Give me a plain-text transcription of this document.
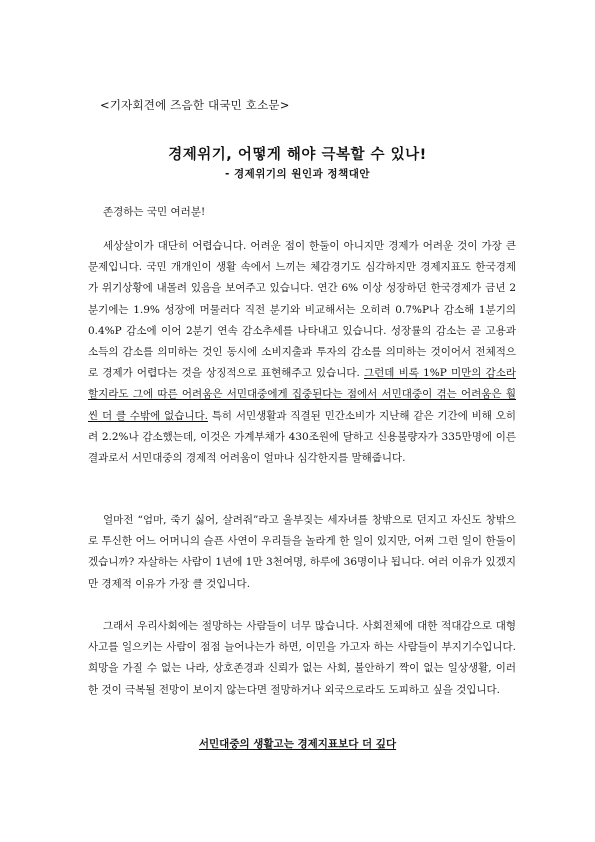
<기자회견에 즈음한 대국민 호소문>
경제위기, 어떻게 해야 극복할 수 있나!
- 경제위기의 원인과 정책대안
존경하는 국민 여러분!

세상살이가 대단히 어렵습니다. 어려운 점이 한둘이 아니지만 경제가 어려운 것이 가장 큰 문제입니다. 국민 개개인이 생활 속에서 느끼는 체감경기도 심각하지만 경제지표도 한국경제가 위기상황에 내몰려 있음을 보여주고 있습니다. 연간 6% 이상 성장하던 한국경제가 금년 2분기에는 1.9% 성장에 머물러다 직전 분기와 비교해서는 오히려 0.7%P나 감소해 1분기의 0.4%P 감소에 이어 2분기 연속 감소추세를 나타내고 있습니다. 성장률의 감소는 곧 고용과 소득의 감소를 의미하는 것인 동시에 소비지출과 투자의 감소를 의미하는 것이어서 전체적으로 경제가 어렵다는 것을 상징적으로 표현해주고 있습니다. 그런데 비록 1%P 미만의 감소라 할지라도 그에 따른 어려움은 서민대중에게 집중된다는 점에서 서민대중이 겪는 어려움은 훨씬 더 클 수밖에 없습니다. 특히 서민생활과 직결된 민간소비가 지난해 같은 기간에 비해 오히려 2.2%나 감소했는데, 이것은 가계부채가 430조원에 달하고 신용불량자가 335만명에 이른 결과로서 서민대중의 경제적 어려움이 얼마나 심각한지를 말해줍니다.

얼마전 “엄마, 죽기 싫어, 살려줘”라고 울부짖는 세자녀를 창밖으로 던지고 자신도 창밖으로 투신한 어느 어머니의 슬픈 사연이 우리들을 놀라게 한 일이 있지만, 어쩌 그런 일이 한둘이겠습니까? 자살하는 사람이 1년에 1만 3천여명, 하루에 36명이나 됩니다. 여러 이유가 있겠지만 경제적 이유가 가장 클 것입니다.

그래서 우리사회에는 절망하는 사람들이 너무 많습니다. 사회전체에 대한 적대감으로 대형사고를 일으키는 사람이 점점 늘어나는가 하면, 이민을 가고자 하는 사람들이 부지기수입니다. 희망을 가질 수 없는 나라, 상호존경과 신뢰가 없는 사회, 불안하기 짝이 없는 일상생활, 이러한 것이 극복될 전망이 보이지 않는다면 절망하거나 외국으로라도 도피하고 싶을 것입니다.

서민대중의 생활고는 경제지표보다 더 깊다
